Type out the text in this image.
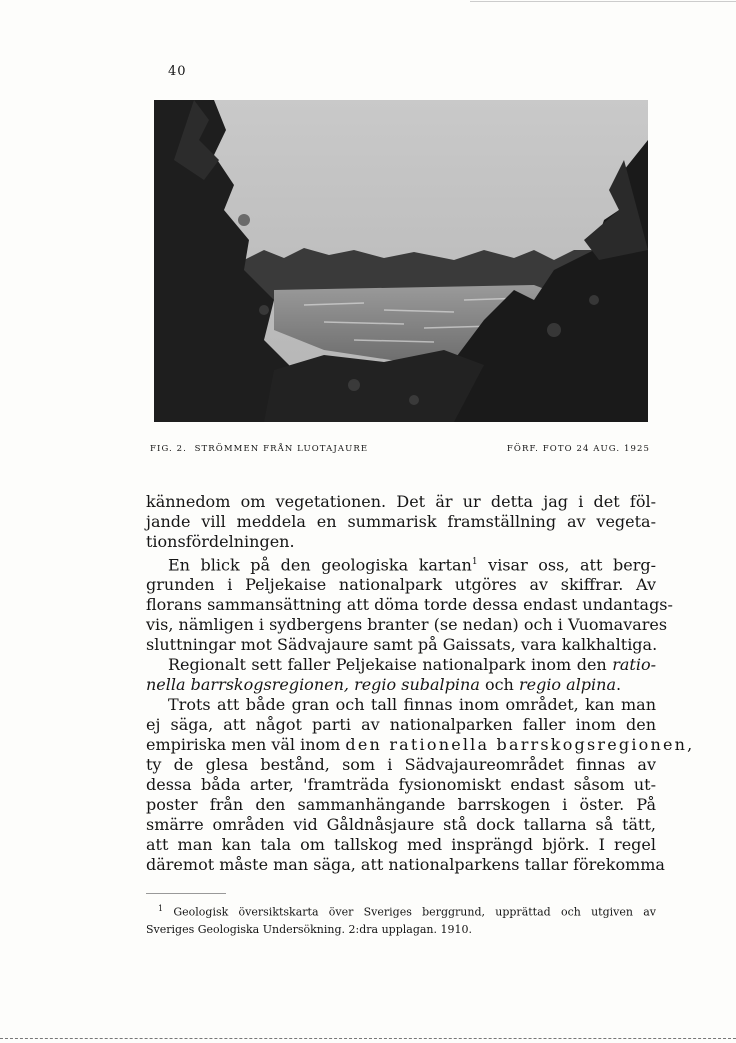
40
FIG. 2. STRÖMMEN FRÅN LUOTAJAURE	FÖRF. FOTO 24 AUG. 1925
kännedom om vegetationen. Det är ur detta jag i det föl-
jande vill meddela en summarisk framställning av vegeta-
tionsfördelningen.
En blick på den geologiska kartan$^1$ visar oss, att berg-
grunden i Peljekaise nationalpark utgöres av skiffrar. Av
florans sammansättning att döma torde dessa endast undantags-
vis, nämligen i sydbergens branter (se nedan) och i Vuomavares
sluttningar mot Sädvajaure samt på Gaissats, vara kalkhaltiga.
Regionalt sett faller Peljekaise nationalpark inom den ratio-
nella barrskogsregionen, regio subalpina och regio alpina.
Trots att både gran och tall finnas inom området, kan man
ej säga, att något parti av nationalparken faller inom den
empiriska men väl inom den rationella barrskogsregionen,
ty de glesa bestånd, som i Sädvajaureområdet finnas av
dessa båda arter, 'framträda fysionomiskt endast såsom ut-
poster från den sammanhängande barrskogen i öster. På
smärre områden vid Gåldnåsjaure stå dock tallarna så tätt,
att man kan tala om tallskog med insprängd björk. I regel
däremot måste man säga, att nationalparkens tallar förekomma
$^1$ Geologisk översiktskarta över Sveriges berggrund, upprättad och utgiven av
Sveriges Geologiska Undersökning. 2:dra upplagan. 1910.
